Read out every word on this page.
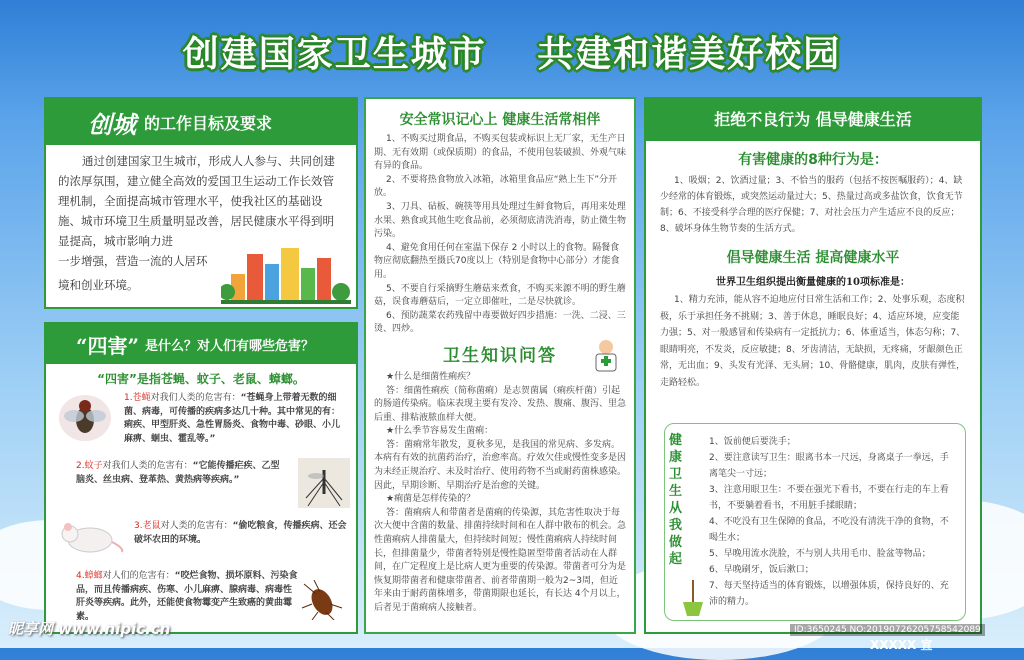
创建国家卫生城市 共建和谐美好校园
创城 的工作目标及要求

通过创建国家卫生城市，形成人人参与、共同创建的浓厚氛围，建立健全高效的爱国卫生运动工作长效管理机制，全面提高城市管理水平，使我社区的基础设施、城市环境卫生质量明显改善，居民健康水平得到明显提高，城市影响力进

一步增强，营造一流的人居环

境和创业环境。

“四害” 是什么？对人们有哪些危害？
“四害”是指苍蝇、蚊子、老鼠、蟑螂。

1.苍蝇对我们人类的危害有：“苍蝇身上带着无数的细菌、病毒，可传播的疾病多达几十种。其中常见的有：痢疾、甲型肝炎、急性胃肠炎、食物中毒、砂眼、小儿麻痹、蛔虫、霍乱等。”

2.蚊子对我们人类的危害有：“它能传播疟疾、乙型脑炎、丝虫病、登革热、黄热病等疾病。”

3.老鼠对人类的危害有：“偷吃粮食，传播疾病、还会破坏农田的环境。

4.蟑螂对人们的危害有：“咬烂食物、损坏原料、污染食品，而且传播病疾、伤寒、小儿麻痹、腺病毒、病毒性肝炎等疾病。此外，还能使食物霉变产生致癌的黄曲霉素。

安全常识记心上 健康生活常相伴

1、不购买过期食品，不购买包装或标识上无厂家，无生产日期、无有效期（或保质期）的食品，不使用包装破损、外观气味有异的食品。

2、不要将热食物放入冰箱，冰箱里食品应“熟上生下”分开放。

3、刀具、砧板、碗筷等用具处理过生鲜食物后，再用来处理水果、熟食或其他生吃食品前，必须彻底清洗消毒，防止微生物污染。

4、避免食用任何在室温下保存 2 小时以上的食物。隔餐食物应彻底翻热至摄氏70度以上（特别是食物中心部分）才能食用。

5、不要自行采摘野生蘑菇来煮食，不购买来源不明的野生蘑菇，误食毒蘑菇后，一定立即催吐，二是尽快就诊。

6、预防蔬菜农药残留中毒要做好四步措施：一洗、二浸、三烫、四炒。

卫生知识问答

★什么是细菌性痢疾？

答：细菌性痢疾（简称菌痢）是志贺菌属（痢疾杆菌）引起的肠道传染病。临床表现主要有发冷、发热、腹痛、腹泻、里急后重、排粘液脓血样大便。

★什么季节容易发生菌痢：

答：菌痢常年散发，夏秋多见，是我国的常见病、多发病。本病有有效的抗菌药治疗，治愈率高。疗效欠佳或慢性变多是因为未经正规治疗、未及时治疗、使用药物不当或耐药菌株感染。因此，早期诊断、早期治疗是治愈的关键。

★痢菌是怎样传染的？

答：菌痢病人和带菌者是菌痢的传染源，其危害性取决于每次大便中含菌的数量、排菌持续时间和在人群中散布的机会。急性菌痢病人排菌量大，但持续时间短；慢性菌痢病人持续时间长，但排菌量少，带菌者特别是慢性隐匿型带菌者活动在人群间，在广定程度上是比病人更为重要的传染源。带菌者可分为是恢复期带菌者和健康带菌者、前者带菌期一般为2~3周，但近年来由于耐药菌株增多，带菌期限也延长，有长达 4个月以上，后者见于菌痢病人接触者。

拒绝不良行为 倡导健康生活
有害健康的8种行为是：

1、吸烟；2、饮酒过量；3、不恰当的服药（包括不按医嘱服药）；4、缺少经常的体育锻炼，或突然运动量过大；5、热量过高或多盐饮食，饮食无节制；6、不接受科学合理的医疗保健；7、对社会压力产生适应不良的反应；8、破坏身体生物节奏的生活方式。

倡导健康生活 提高健康水平
世界卫生组织提出衡量健康的10项标准是：

1、精力充沛，能从容不迫地应付日常生活和工作；2、处事乐观，态度积极，乐于承担任务不挑剔；3、善于休息，睡眠良好；4、适应环境，应变能力强；5、对一般感冒和传染病有一定抵抗力；6、体重适当，体态匀称；7、眼睛明亮，不发炎，反应敏捷；8、牙齿清洁，无缺损，无疼痛，牙龈颜色正常，无出血；9、头发有光泽、无头屑；10、骨骼健康，肌肉，皮肤有弹性，走路轻松。

健康卫生从我做起

1、饭前便后要洗手；

2、要注意读写卫生：眼离书本一尺远，身离桌子一拳远，手离笔尖一寸远；

3、注意用眼卫生：不要在强光下看书，不要在行走的车上看书，不要躺着看书，不用脏手揉眼睛；

4、不吃没有卫生保障的食品，不吃没有清洗干净的食物，不喝生水；

5、早晚用流水洗脸，不与别人共用毛巾、脸盆等物品；

6、早晚刷牙，饭后漱口；

7、每天坚持适当的体育锻炼，以增强体质，保持良好的、充沛的精力。

昵享网 www.nipic.cn	ID:3650245 NO:20190726205758542089
XXXXX 宣
